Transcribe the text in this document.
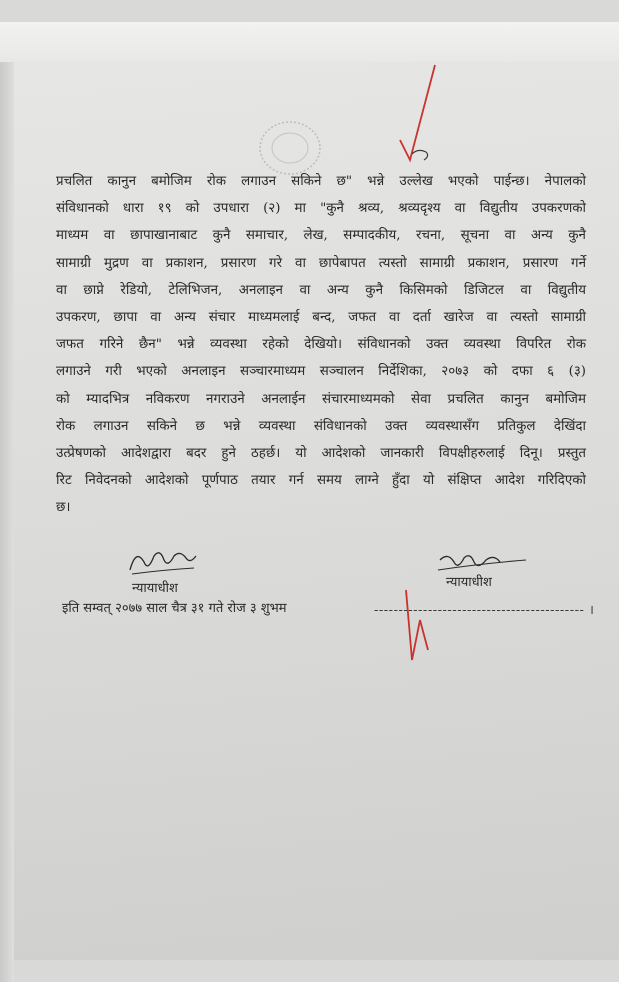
प्रचलित कानुन बमोजिम रोक लगाउन सकिने छ" भन्ने उल्लेख भएको पाईन्छ। नेपालको
संविधानको धारा १९ को उपधारा (२) मा "कुनै श्रव्य, श्रव्यदृश्य वा विद्युतीय उपकरणको
माध्यम वा छापाखानाबाट कुनै समाचार, लेख, सम्पादकीय, रचना, सूचना वा अन्य कुनै
सामाग्री मुद्रण वा प्रकाशन, प्रसारण गरे वा छापेबापत त्यस्तो सामाग्री प्रकाशन, प्रसारण गर्ने
वा छाप्ने रेडियो, टेलिभिजन, अनलाइन वा अन्य कुनै किसिमको डिजिटल वा विद्युतीय
उपकरण, छापा वा अन्य संचार माध्यमलाई बन्द, जफत वा दर्ता खारेज वा त्यस्तो सामाग्री
जफत गरिने छैन" भन्ने व्यवस्था रहेको देखियो। संविधानको उक्त व्यवस्था विपरित रोक
लगाउने गरी भएको अनलाइन सञ्चारमाध्यम सञ्चालन निर्देशिका, २०७३ को दफा ६ (३)
को म्यादभित्र नविकरण नगराउने अनलाईन संचारमाध्यमको सेवा प्रचलित कानुन बमोजिम
रोक लगाउन सकिने छ भन्ने व्यवस्था संविधानको उक्त व्यवस्थासँग प्रतिकुल देखिंदा
उत्प्रेषणको आदेशद्वारा बदर हुने ठहर्छ। यो आदेशको जानकारी विपक्षीहरुलाई दिनू। प्रस्तुत
रिट निवेदनको आदेशको पूर्णपाठ तयार गर्न समय लाग्ने हुँदा यो संक्षिप्त आदेश गरिदिएको
छ।
न्यायाधीश	न्यायाधीश
इति सम्वत् २०७७ साल चैत्र ३१ गते रोज ३ शुभम	------------------------------------------- ।
